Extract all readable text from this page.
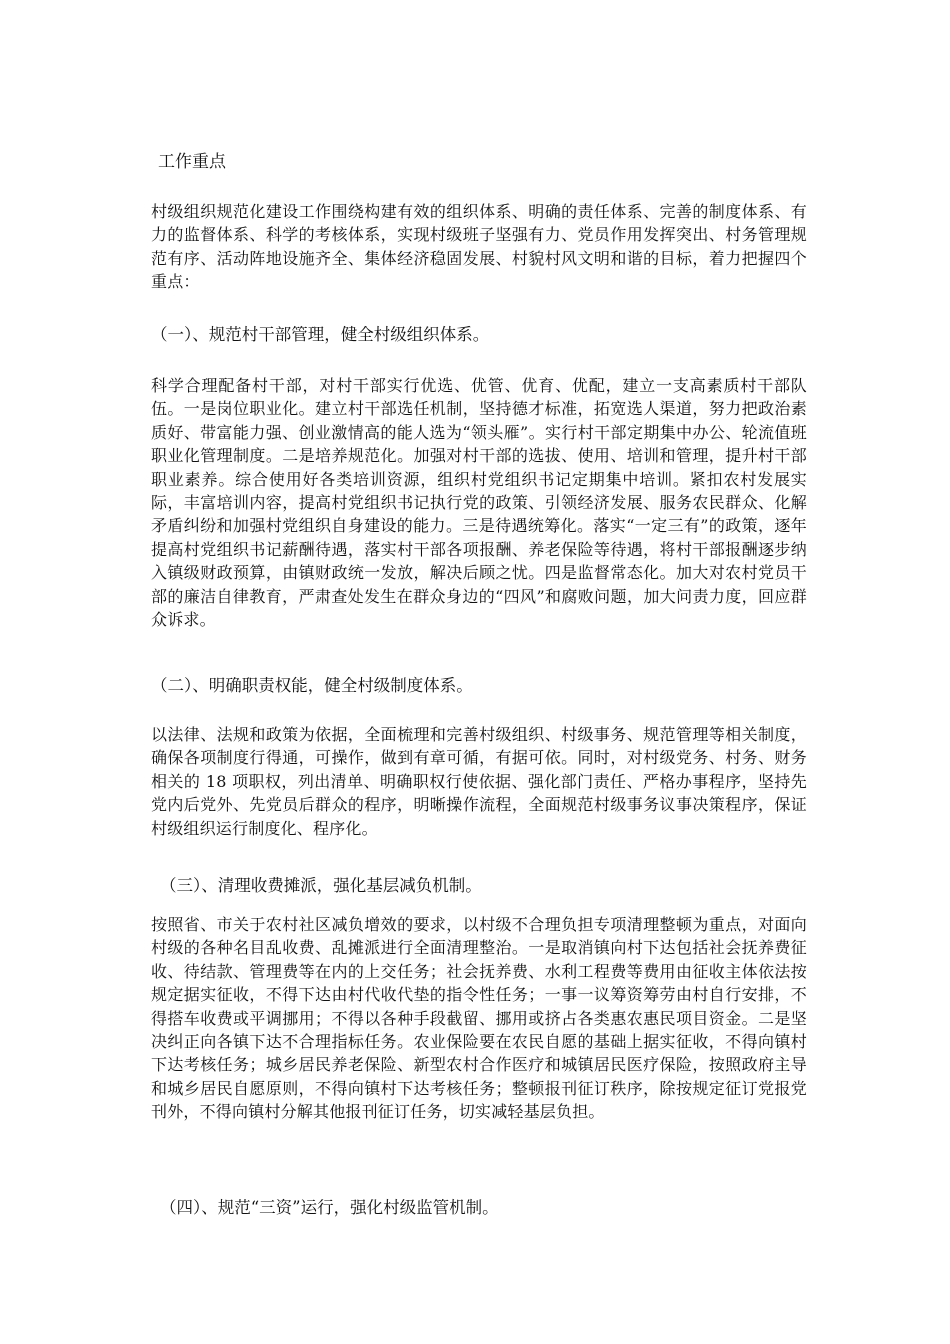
工作重点

村级组织规范化建设工作围绕构建有效的组织体系、明确的责任体系、完善的制度体系、有力的监督体系、科学的考核体系，实现村级班子坚强有力、党员作用发挥突出、村务管理规范有序、活动阵地设施齐全、集体经济稳固发展、村貌村风文明和谐的目标，着力把握四个重点：

（一）、规范村干部管理，健全村级组织体系。

科学合理配备村干部，对村干部实行优选、优管、优育、优配，建立一支高素质村干部队伍。一是岗位职业化。建立村干部选任机制，坚持德才标准，拓宽选人渠道，努力把政治素质好、带富能力强、创业激情高的能人选为“领头雁”。实行村干部定期集中办公、轮流值班职业化管理制度。二是培养规范化。加强对村干部的选拔、使用、培训和管理，提升村干部职业素养。综合使用好各类培训资源，组织村党组织书记定期集中培训。紧扣农村发展实际，丰富培训内容，提高村党组织书记执行党的政策、引领经济发展、服务农民群众、化解矛盾纠纷和加强村党组织自身建设的能力。三是待遇统筹化。落实“一定三有”的政策，逐年提高村党组织书记薪酬待遇，落实村干部各项报酬、养老保险等待遇，将村干部报酬逐步纳入镇级财政预算，由镇财政统一发放，解决后顾之忧。四是监督常态化。加大对农村党员干部的廉洁自律教育，严肃查处发生在群众身边的“四风”和腐败问题，加大问责力度，回应群众诉求。

（二）、明确职责权能，健全村级制度体系。

以法律、法规和政策为依据，全面梳理和完善村级组织、村级事务、规范管理等相关制度，确保各项制度行得通，可操作，做到有章可循，有据可依。同时，对村级党务、村务、财务相关的 18 项职权，列出清单、明确职权行使依据、强化部门责任、严格办事程序，坚持先党内后党外、先党员后群众的程序，明晰操作流程，全面规范村级事务议事决策程序，保证村级组织运行制度化、程序化。

（三）、清理收费摊派，强化基层减负机制。

按照省、市关于农村社区减负增效的要求，以村级不合理负担专项清理整顿为重点，对面向村级的各种名目乱收费、乱摊派进行全面清理整治。一是取消镇向村下达包括社会抚养费征收、待结款、管理费等在内的上交任务；社会抚养费、水利工程费等费用由征收主体依法按规定据实征收，不得下达由村代收代垫的指令性任务；一事一议筹资筹劳由村自行安排，不得搭车收费或平调挪用；不得以各种手段截留、挪用或挤占各类惠农惠民项目资金。二是坚决纠正向各镇下达不合理指标任务。农业保险要在农民自愿的基础上据实征收，不得向镇村下达考核任务；城乡居民养老保险、新型农村合作医疗和城镇居民医疗保险，按照政府主导和城乡居民自愿原则，不得向镇村下达考核任务；整顿报刊征订秩序，除按规定征订党报党刊外，不得向镇村分解其他报刊征订任务，切实减轻基层负担。

（四）、规范“三资”运行，强化村级监管机制。
